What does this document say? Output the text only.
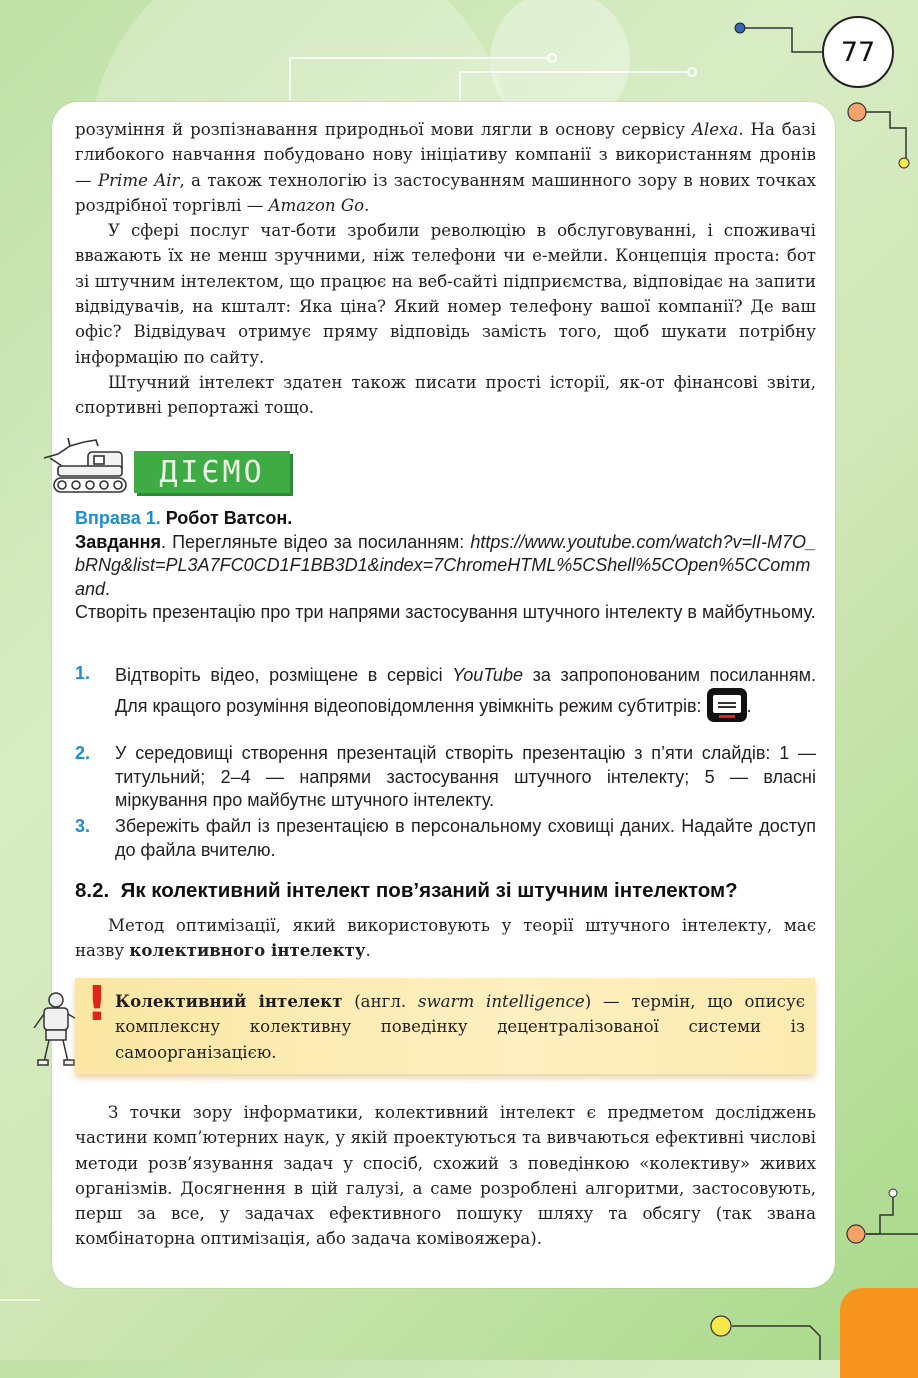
77

розуміння й розпізнавання природньої мови лягли в основу сервісу Alexa. На базі глибокого навчання побудовано нову ініціативу компанії з використанням дронів — Prime Air, а також технологію із застосуванням машинного зору в нових точках роздрібної торгівлі — Amazon Go.

У сфері послуг чат-боти зробили революцію в обслуговуванні, і споживачі вважають їх не менш зручними, ніж телефони чи е-мейли. Концепція проста: бот зі штучним інтелектом, що працює на веб-сайті підприємства, відповідає на запити відвідувачів, на кшталт: Яка ціна? Який номер телефону вашої компанії? Де ваш офіс? Відвідувач отримує пряму відповідь замість того, щоб шукати потрібну інформацію по сайту.

Штучний інтелект здатен також писати прості історії, як-от фінансові звіти, спортивні репортажі тощо.

ДІЄМО

Вправа 1. Робот Ватсон.

Завдання. Перегляньте відео за посиланням: https://www.youtube.com/watch?v=lI-M7O_bRNg&list=PL3A7FC0CD1F1BB3D1&index=7ChromeHTML%5CShell%5COpen%5CCommand.

Створіть презентацію про три напрями застосування штучного інтелекту в майбутньому.

1. Відтворіть відео, розміщене в сервісі YouTube за запропонованим посиланням. Для кращого розуміння відеоповідомлення увімкніть режим субтитрів: .

2. У середовищі створення презентацій створіть презентацію з п’яти слайдів: 1 — титульний; 2–4 — напрями застосування штучного інтелекту; 5 — власні міркування про майбутнє штучного інтелекту.

3. Збережіть файл із презентацією в персональному сховищі даних. Надайте доступ до файла вчителю.

8.2. Як колективний інтелект пов’язаний зі штучним інтелектом?

Метод оптимізації, який використовують у теорії штучного інтелекту, має назву колективного інтелекту.

Колективний інтелект (англ. swarm intelligence) — термін, що описує комплексну колективну поведінку децентралізованої системи із самоорганізацією.
!

З точки зору інформатики, колективний інтелект є предметом досліджень частини комп’ютерних наук, у якій проектуються та вивчаються ефективні числові методи розв’язування задач у спосіб, схожий з поведінкою «колективу» живих організмів. Досягнення в цій галузі, а саме розроблені алгоритми, застосовують, перш за все, у задачах ефективного пошуку шляху та обсягу (так звана комбінаторна оптимізація, або задача комівояжера).
